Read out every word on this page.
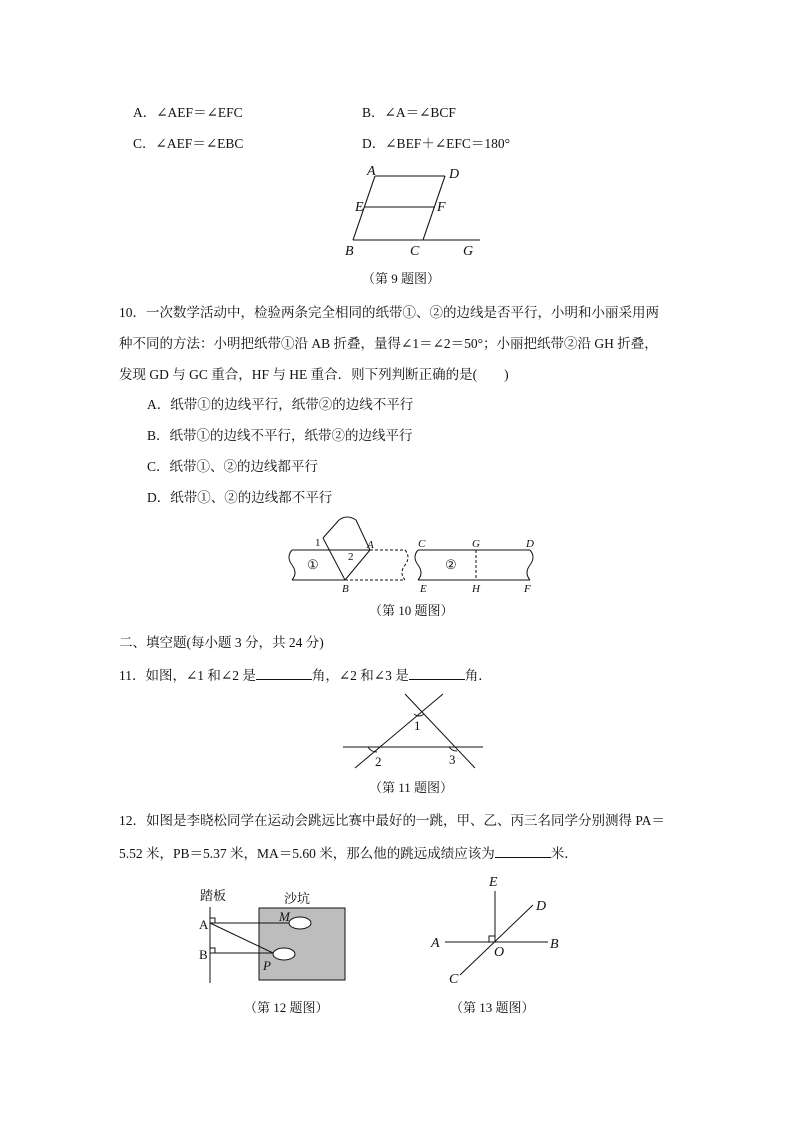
A．∠AEF＝∠EFC	B．∠A＝∠BCF
C．∠AEF＝∠EBC	D．∠BEF＋∠EFC＝180°
A	D
E	F
B	C	G
（第 9 题图）
10．一次数学活动中，检验两条完全相同的纸带①、②的边线是否平行，小明和小丽采用两
种不同的方法：小明把纸带①沿 AB 折叠，量得∠1＝∠2＝50°；小丽把纸带②沿 GH 折叠，
发现 GD 与 GC 重合，HF 与 HE 重合．则下列判断正确的是(　　)
A．纸带①的边线平行，纸带②的边线不平行
B．纸带①的边线不平行，纸带②的边线平行
C．纸带①、②的边线都平行
D．纸带①、②的边线都不平行
1
2
A
B
①
C	G	D
②
E	H	F
（第 10 题图）
二、填空题(每小题 3 分，共 24 分)
11．如图，∠1 和∠2 是	角，∠2 和∠3 是	角．
1
2	3
（第 11 题图）
12．如图是李晓松同学在运动会跳远比赛中最好的一跳，甲、乙、丙三名同学分别测得 PA＝
5.52 米，PB＝5.37 米，MA＝5.60 米，那么他的跳远成绩应该为	米．
踏板	沙坑
A
B
M
P
（第 12 题图）
E
D
A
O
B
C
（第 13 题图）
